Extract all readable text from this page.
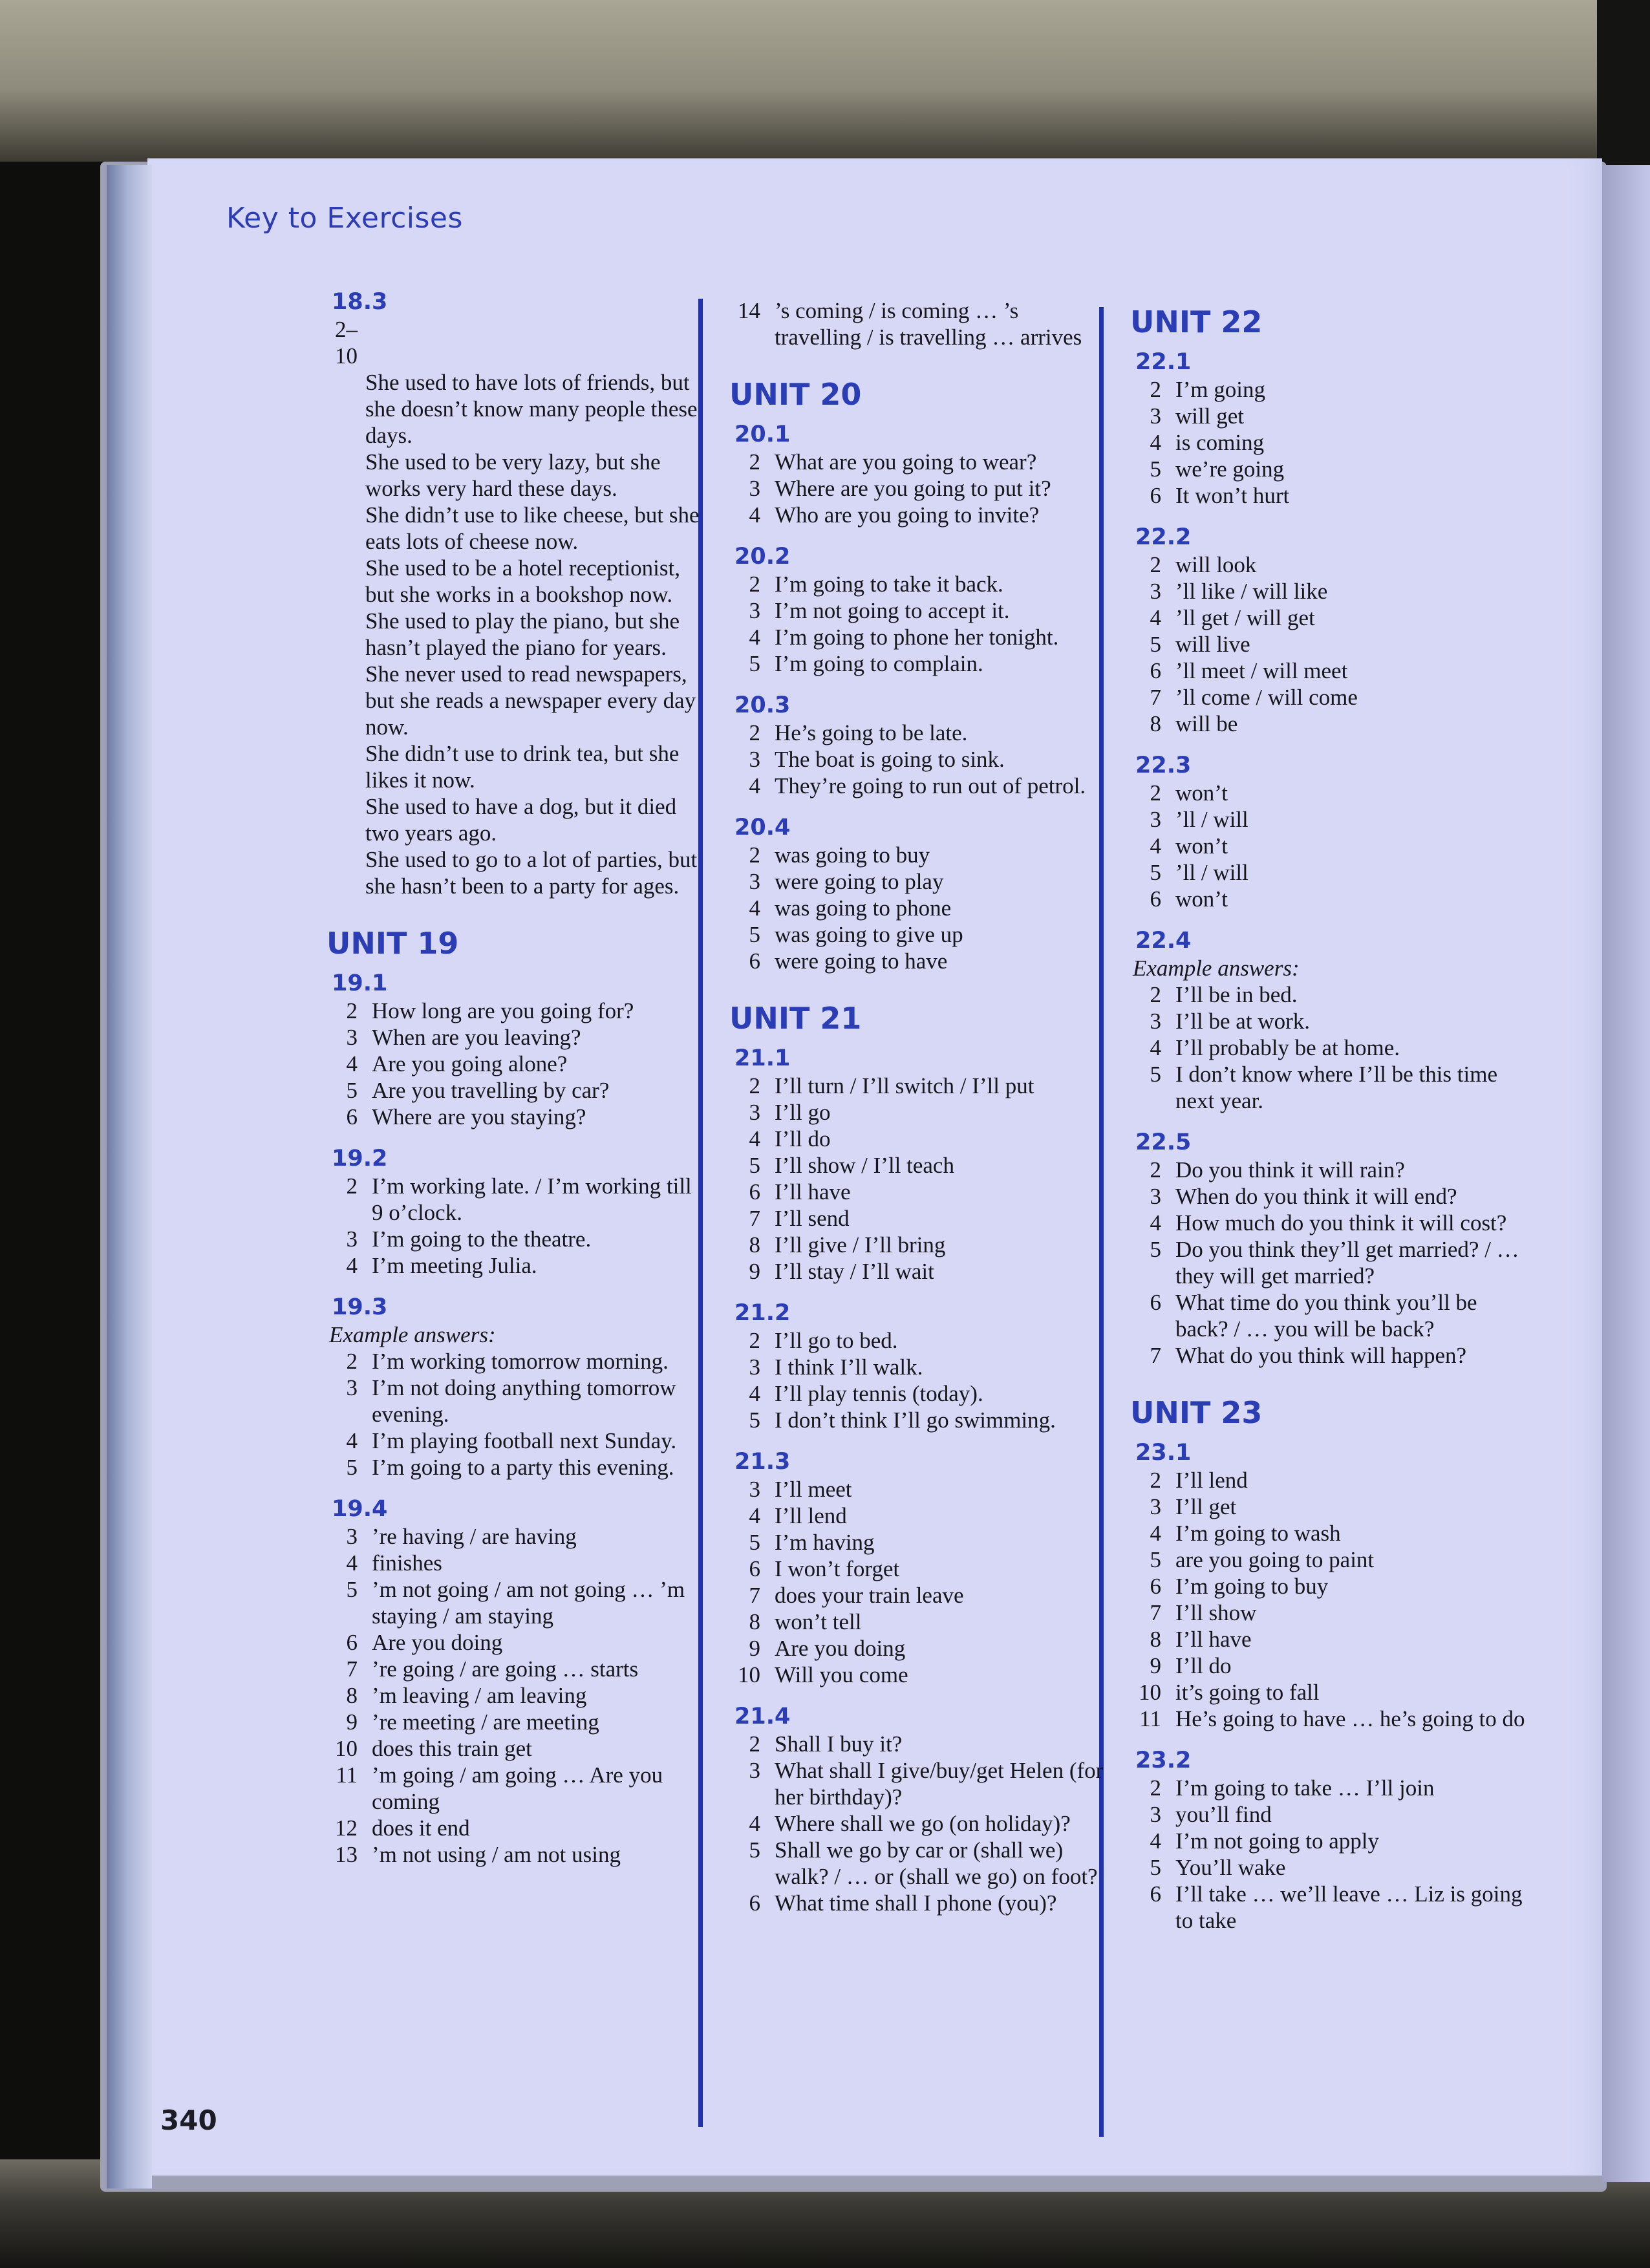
Key to Exercises
18.3
2–10
She used to have lots of friends, but she doesn’t know many people these days.
She used to be very lazy, but she works very hard these days.
She didn’t use to like cheese, but she eats lots of cheese now.
She used to be a hotel receptionist, but she works in a bookshop now.
She used to play the piano, but she hasn’t played the piano for years.
She never used to read newspapers, but she reads a newspaper every day now.
She didn’t use to drink tea, but she likes it now.
She used to have a dog, but it died two years ago.
She used to go to a lot of parties, but she hasn’t been to a party for ages.
UNIT 19
19.1
2 How long are you going for?
3 When are you leaving?
4 Are you going alone?
5 Are you travelling by car?
6 Where are you staying?
19.2
2 I’m working late. / I’m working till 9 o’clock.
3 I’m going to the theatre.
4 I’m meeting Julia.
19.3
Example answers:
2 I’m working tomorrow morning.
3 I’m not doing anything tomorrow evening.
4 I’m playing football next Sunday.
5 I’m going to a party this evening.
19.4
3 ’re having / are having
4 finishes
5 ’m not going / am not going … ’m staying / am staying
6 Are you doing
7 ’re going / are going … starts
8 ’m leaving / am leaving
9 ’re meeting / are meeting
10 does this train get
11 ’m going / am going … Are you coming
12 does it end
13 ’m not using / am not using
14 ’s coming / is coming … ’s travelling / is travelling … arrives
UNIT 20
20.1
2 What are you going to wear?
3 Where are you going to put it?
4 Who are you going to invite?
20.2
2 I’m going to take it back.
3 I’m not going to accept it.
4 I’m going to phone her tonight.
5 I’m going to complain.
20.3
2 He’s going to be late.
3 The boat is going to sink.
4 They’re going to run out of petrol.
20.4
2 was going to buy
3 were going to play
4 was going to phone
5 was going to give up
6 were going to have
UNIT 21
21.1
2 I’ll turn / I’ll switch / I’ll put
3 I’ll go
4 I’ll do
5 I’ll show / I’ll teach
6 I’ll have
7 I’ll send
8 I’ll give / I’ll bring
9 I’ll stay / I’ll wait
21.2
2 I’ll go to bed.
3 I think I’ll walk.
4 I’ll play tennis (today).
5 I don’t think I’ll go swimming.
21.3
3 I’ll meet
4 I’ll lend
5 I’m having
6 I won’t forget
7 does your train leave
8 won’t tell
9 Are you doing
10 Will you come
21.4
2 Shall I buy it?
3 What shall I give/buy/get Helen (for her birthday)?
4 Where shall we go (on holiday)?
5 Shall we go by car or (shall we) walk? / … or (shall we go) on foot?
6 What time shall I phone (you)?
UNIT 22
22.1
2 I’m going
3 will get
4 is coming
5 we’re going
6 It won’t hurt
22.2
2 will look
3 ’ll like / will like
4 ’ll get / will get
5 will live
6 ’ll meet / will meet
7 ’ll come / will come
8 will be
22.3
2 won’t
3 ’ll / will
4 won’t
5 ’ll / will
6 won’t
22.4
Example answers:
2 I’ll be in bed.
3 I’ll be at work.
4 I’ll probably be at home.
5 I don’t know where I’ll be this time next year.
22.5
2 Do you think it will rain?
3 When do you think it will end?
4 How much do you think it will cost?
5 Do you think they’ll get married? / … they will get married?
6 What time do you think you’ll be back? / … you will be back?
7 What do you think will happen?
UNIT 23
23.1
2 I’ll lend
3 I’ll get
4 I’m going to wash
5 are you going to paint
6 I’m going to buy
7 I’ll show
8 I’ll have
9 I’ll do
10 it’s going to fall
11 He’s going to have … he’s going to do
23.2
2 I’m going to take … I’ll join
3 you’ll find
4 I’m not going to apply
5 You’ll wake
6 I’ll take … we’ll leave … Liz is going to take
340
